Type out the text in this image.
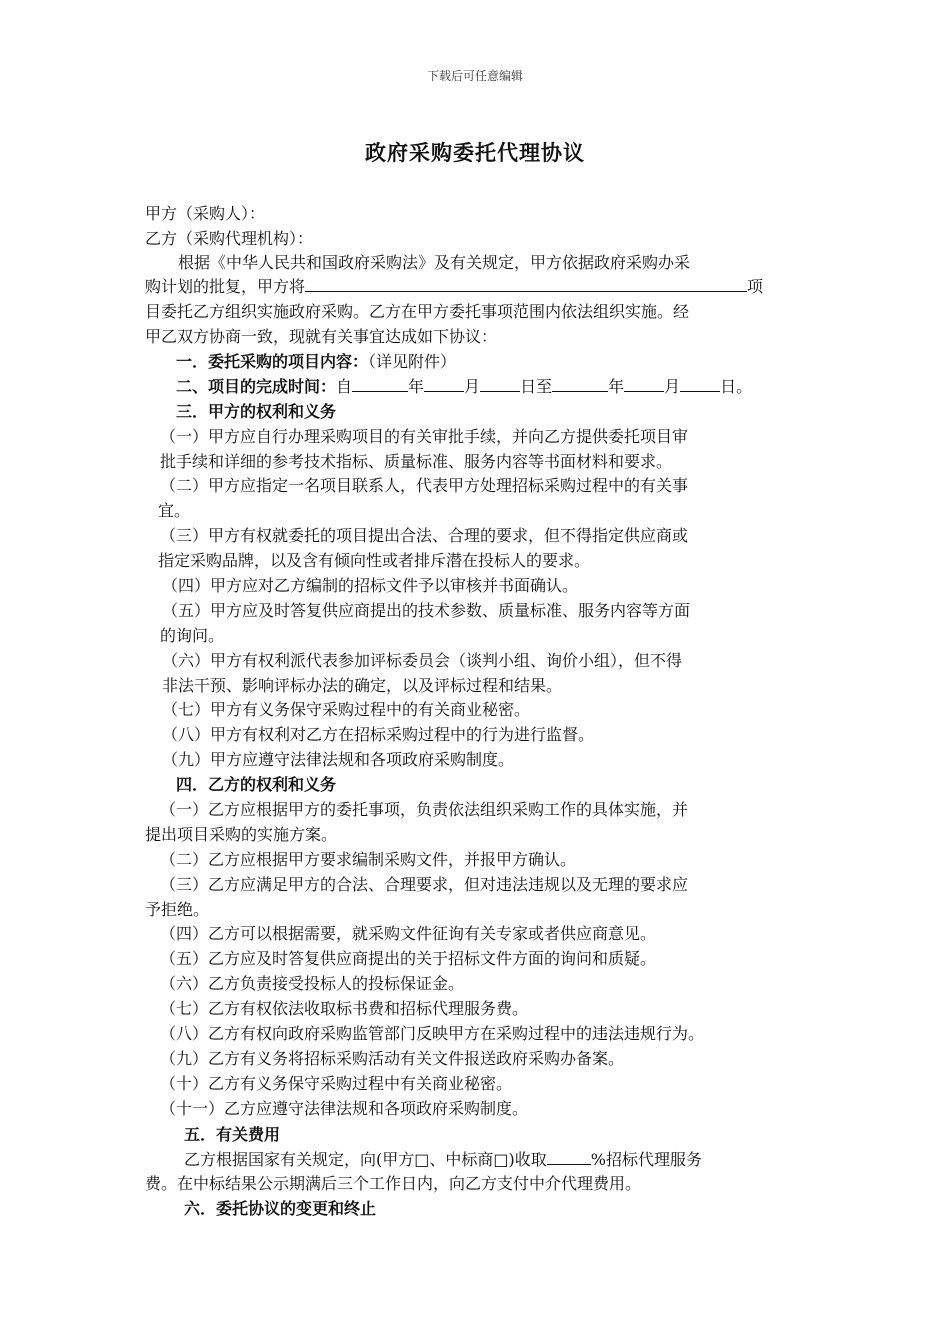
下载后可任意编辑
政府采购委托代理协议
甲方（采购人）：
乙方（采购代理机构）：
根据《中华人民共和国政府采购法》及有关规定，甲方依据政府采购办采
购计划的批复，甲方将	项
目委托乙方组织实施政府采购。乙方在甲方委托事项范围内依法组织实施。经
甲乙双方协商一致，现就有关事宜达成如下协议：
一．委托采购的项目内容：（详见附件）
二、项目的完成时间：自	年	月	日至	年	月	日。
三．甲方的权利和义务
（一）甲方应自行办理采购项目的有关审批手续，并向乙方提供委托项目审
批手续和详细的参考技术指标、质量标准、服务内容等书面材料和要求。
（二）甲方应指定一名项目联系人，代表甲方处理招标采购过程中的有关事
宜。
（三）甲方有权就委托的项目提出合法、合理的要求，但不得指定供应商或
指定采购品牌，以及含有倾向性或者排斥潜在投标人的要求。
（四）甲方应对乙方编制的招标文件予以审核并书面确认。
（五）甲方应及时答复供应商提出的技术参数、质量标准、服务内容等方面
的询问。
（六）甲方有权利派代表参加评标委员会（谈判小组、询价小组），但不得
非法干预、影响评标办法的确定，以及评标过程和结果。
（七）甲方有义务保守采购过程中的有关商业秘密。
（八）甲方有权利对乙方在招标采购过程中的行为进行监督。
（九）甲方应遵守法律法规和各项政府采购制度。
四．乙方的权利和义务
（一）乙方应根据甲方的委托事项，负责依法组织采购工作的具体实施，并
提出项目采购的实施方案。
（二）乙方应根据甲方要求编制采购文件，并报甲方确认。
（三）乙方应满足甲方的合法、合理要求，但对违法违规以及无理的要求应
予拒绝。
（四）乙方可以根据需要，就采购文件征询有关专家或者供应商意见。
（五）乙方应及时答复供应商提出的关于招标文件方面的询问和质疑。
（六）乙方负责接受投标人的投标保证金。
（七）乙方有权依法收取标书费和招标代理服务费。
（八）乙方有权向政府采购监管部门反映甲方在采购过程中的违法违规行为。
（九）乙方有义务将招标采购活动有关文件报送政府采购办备案。
（十）乙方有义务保守采购过程中有关商业秘密。
（十一）乙方应遵守法律法规和各项政府采购制度。
五．有关费用
乙方根据国家有关规定，向(甲方□、中标商□)收取	%招标代理服务
费。在中标结果公示期满后三个工作日内，向乙方支付中介代理费用。
六．委托协议的变更和终止
